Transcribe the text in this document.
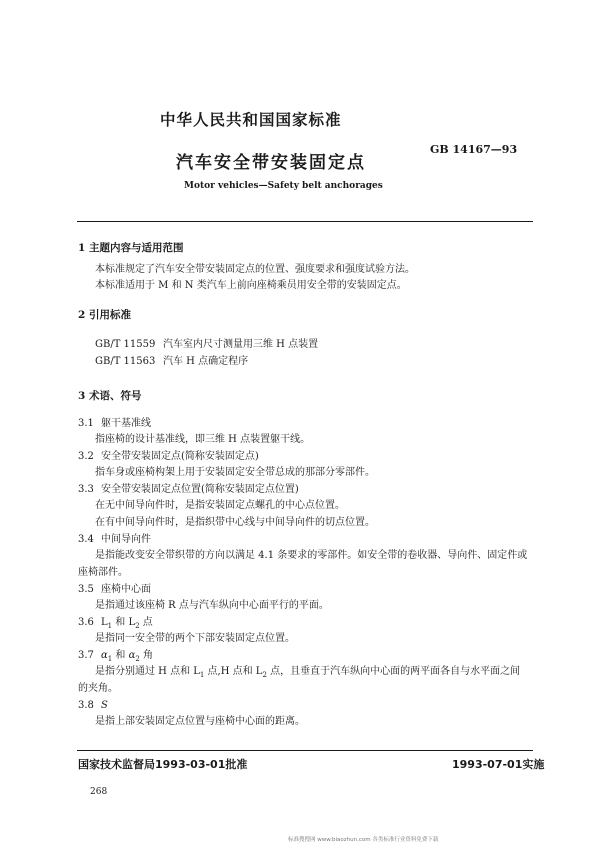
中华人民共和国国家标准
GB 14167—93
汽车安全带安装固定点
Motor vehicles—Safety belt anchorages
1 主题内容与适用范围
本标准规定了汽车安全带安装固定点的位置、强度要求和强度试验方法。
本标准适用于 M 和 N 类汽车上前向座椅乘员用安全带的安装固定点。
2 引用标准
GB/T 11559 汽车室内尺寸测量用三维 H 点装置
GB/T 11563 汽车 H 点确定程序
3 术语、符号
3.1 躯干基准线
指座椅的设计基准线，即三维 H 点装置躯干线。
3.2 安全带安装固定点(简称安装固定点)
指车身或座椅构架上用于安装固定安全带总成的那部分零部件。
3.3 安全带安装固定点位置(简称安装固定点位置)
在无中间导向件时，是指安装固定点螺孔的中心点位置。
在有中间导向件时，是指织带中心线与中间导向件的切点位置。
3.4 中间导向件
是指能改变安全带织带的方向以满足 4.1 条要求的零部件。如安全带的卷收器、导向件、固定件或
座椅部件。
3.5 座椅中心面
是指通过该座椅 R 点与汽车纵向中心面平行的平面。
3.6 $L_1$ 和 $L_2$ 点
是指同一安全带的两个下部安装固定点位置。
3.7 $\alpha_1$ 和 $\alpha_2$ 角
是指分别通过 H 点和 $L_1$ 点,H 点和 $L_2$ 点，且垂直于汽车纵向中心面的两平面各自与水平面之间
的夹角。
3.8 S
是指上部安装固定点位置与座椅中心面的距离。
国家技术监督局1993-03-01批准	1993-07-01实施
268
标准搜搜网 www.biaozhun.com 各类标准行业资料免费下载
